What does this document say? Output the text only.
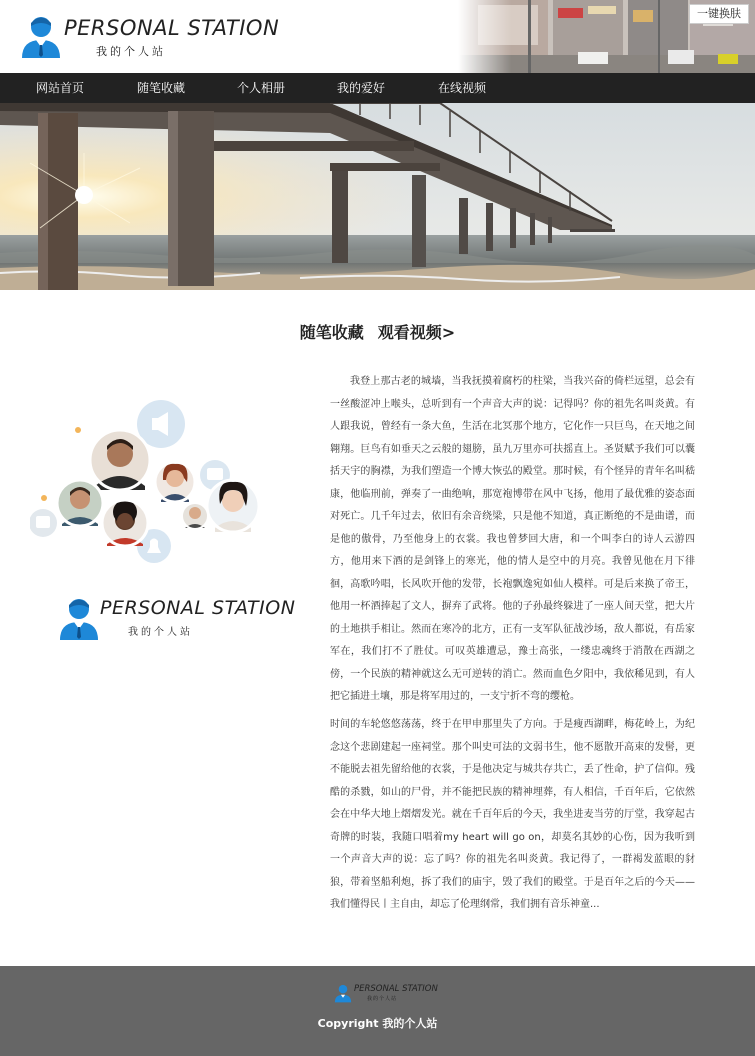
PERSONAL STATION
我的个人站
一键换肤
网站首页	随笔收藏	个人相册	我的爱好	在线视频
随笔收藏 观看视频>
PERSONAL STATION
我的个人站
我登上那古老的城墙，当我抚摸着腐朽的柱梁，当我兴奋的倚栏远望，总会有一丝酸涩冲上喉头，总听到有一个声音大声的说：记得吗？你的祖先名叫炎黄。有人跟我说，曾经有一条大鱼，生活在北冥那个地方，它化作一只巨鸟，在天地之间翱翔。巨鸟有如垂天之云般的翅膀，虽九万里亦可扶摇直上。圣贤赋予我们可以囊括天宇的胸襟，为我们塑造一个博大恢弘的殿堂。那时候，有个怪异的青年名叫嵇康，他临刑前，弹奏了一曲绝响，那宽袍博带在风中飞扬，他用了最优雅的姿态面对死亡。几千年过去，依旧有余音绕梁，只是他不知道，真正断绝的不是曲谱，而是他的傲骨，乃至他身上的衣裳。我也曾梦回大唐，和一个叫李白的诗人云游四方，他用来下酒的是剑锋上的寒光，他的情人是空中的月亮。我曾见他在月下徘徊，高歌吟唱，长风吹开他的发带，长袍飘逸宛如仙人模样。可是后来换了帝王，他用一杯酒捧起了文人，摒弃了武将。他的子孙最终躲进了一座人间天堂，把大片的土地拱手相让。然而在寒冷的北方，正有一支军队征战沙场，敌人都说，有岳家军在，我们打不了胜仗。可叹英雄遭忌，豫士高张，一缕忠魂终于消散在西湖之傍，一个民族的精神就这么无可逆转的消亡。然而血色夕阳中，我依稀见到，有人把它插进土壤，那是将军用过的，一支宁折不弯的缨枪。
时间的车轮悠悠荡荡，终于在甲申那里失了方向。于是瘦西湖畔，梅花岭上，为纪念这个悲剧建起一座祠堂。那个叫史可法的文弱书生，他不愿散开高束的发髻，更不能脱去祖先留给他的衣裳，于是他决定与城共存共亡，丢了性命，护了信仰。残酷的杀戮，如山的尸骨，并不能把民族的精神埋葬，有人相信，千百年后，它依然会在中华大地上熠熠发光。就在千百年后的今天，我坐进麦当劳的厅堂，我穿起古奇牌的时装，我随口唱着my heart will go on，却莫名其妙的心伤，因为我听到一个声音大声的说：忘了吗？你的祖先名叫炎黄。我记得了，一群褐发蓝眼的豺狼，带着坚船利炮，拆了我们的庙宇，毁了我们的殿堂。于是百年之后的今天——我们懂得民丨主自由，却忘了伦理纲常，我们拥有音乐神童...
PERSONAL STATION
我的个人站
Copyright 我的个人站
